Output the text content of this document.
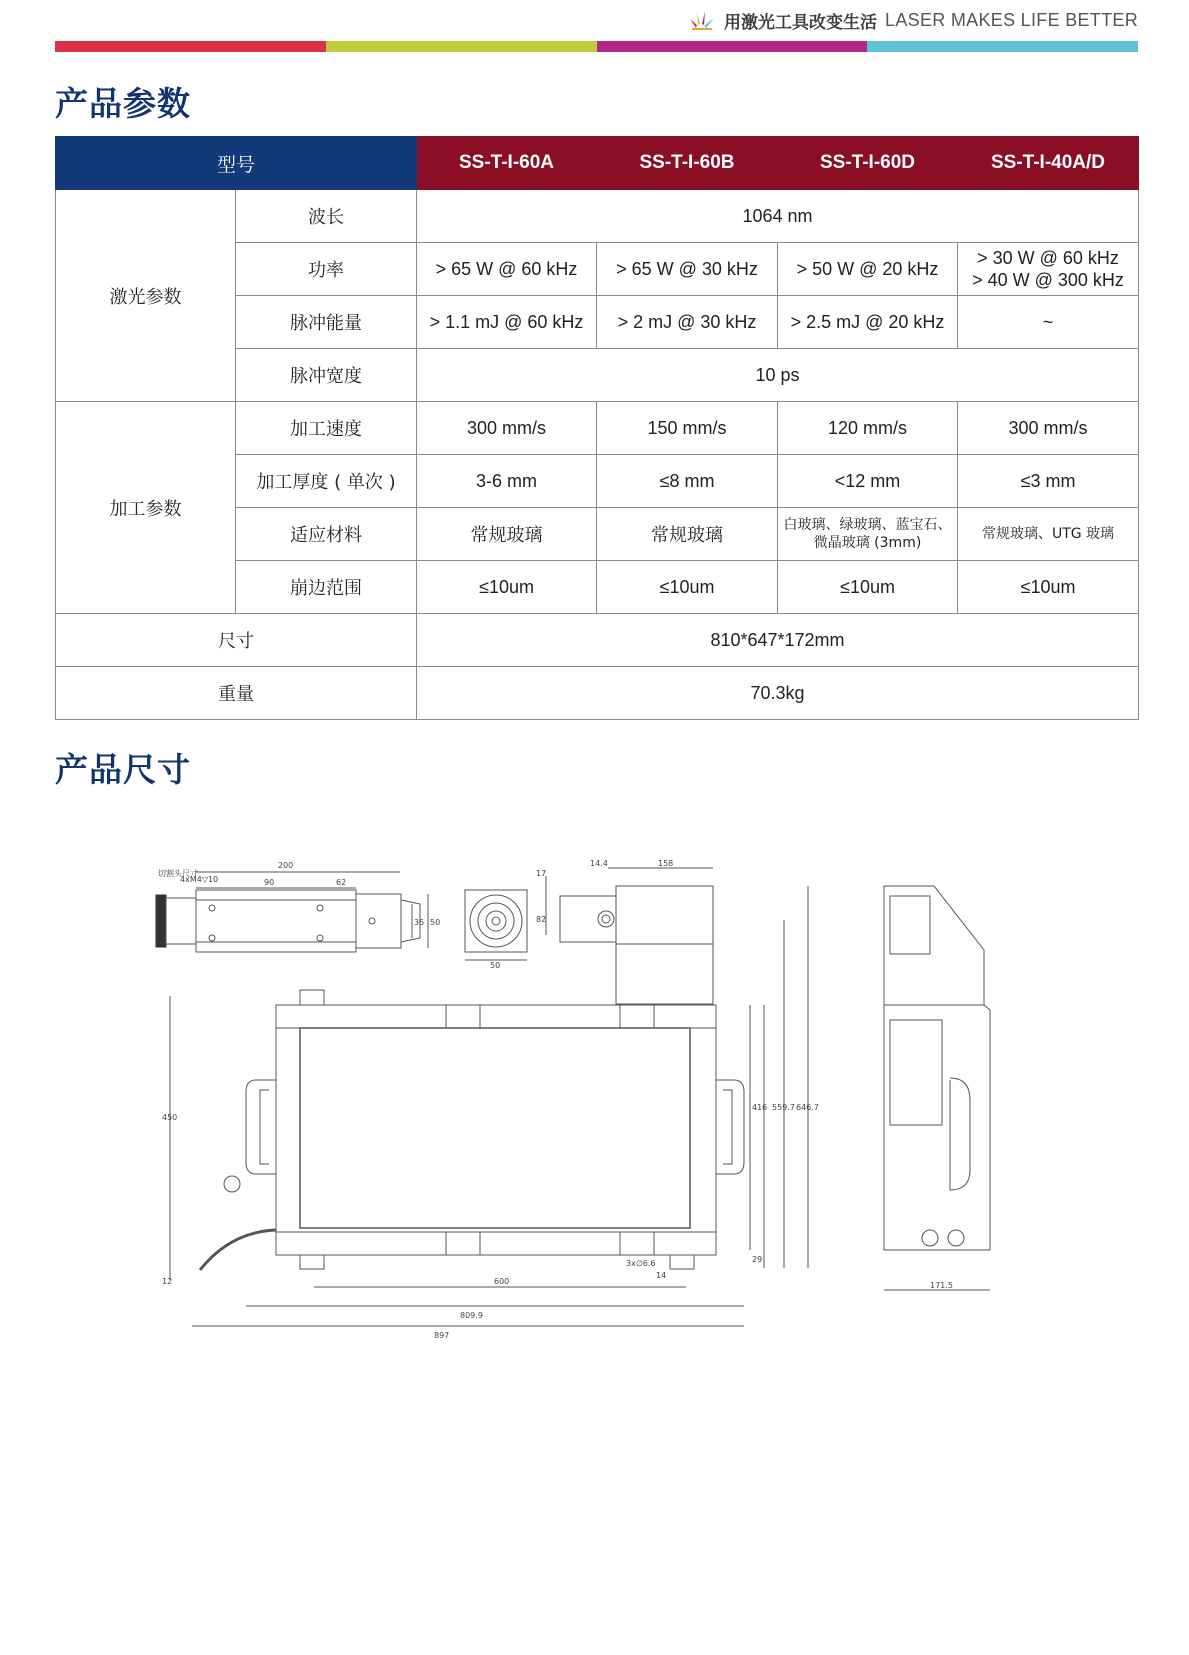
用激光工具改变生活 LASER MAKES LIFE BETTER
产品参数
型号		SS-T-I-60A	SS-T-I-60B	SS-T-I-60D	SS-T-I-40A/D
激光参数	波长	1064 nm			
	功率	> 65 W @ 60 kHz	> 65 W @ 30 kHz	> 50 W @ 20 kHz	> 30 W @ 60 kHz
> 40 W @ 300 kHz

	脉冲能量	> 1.1 mJ @ 60 kHz	> 2 mJ @ 30 kHz	> 2.5 mJ @ 20 kHz	~
	脉冲宽度	10 ps			
加工参数	加工速度	300 mm/s	150 mm/s	120 mm/s	300 mm/s
	加工厚度 ( 单次 )	3-6 mm	≤8 mm	<12 mm	≤3 mm
	适应材料	常规玻璃	常规玻璃	白玻璃、绿玻璃、蓝宝石、
微晶玻璃 (3mm)	常规玻璃、UTG 玻璃
	崩边范围	≤10um	≤10um	≤10um	≤10um
尺寸		810*647*172mm			
重量		70.3kg			
产品尺寸
切割头尺寸
200
90	62
4xM4▽10
35 50
50
17
82
14.4	158
450
416 559.7 646.7
29
12	600
809.9
897
3x∅6.6
14
171.5
